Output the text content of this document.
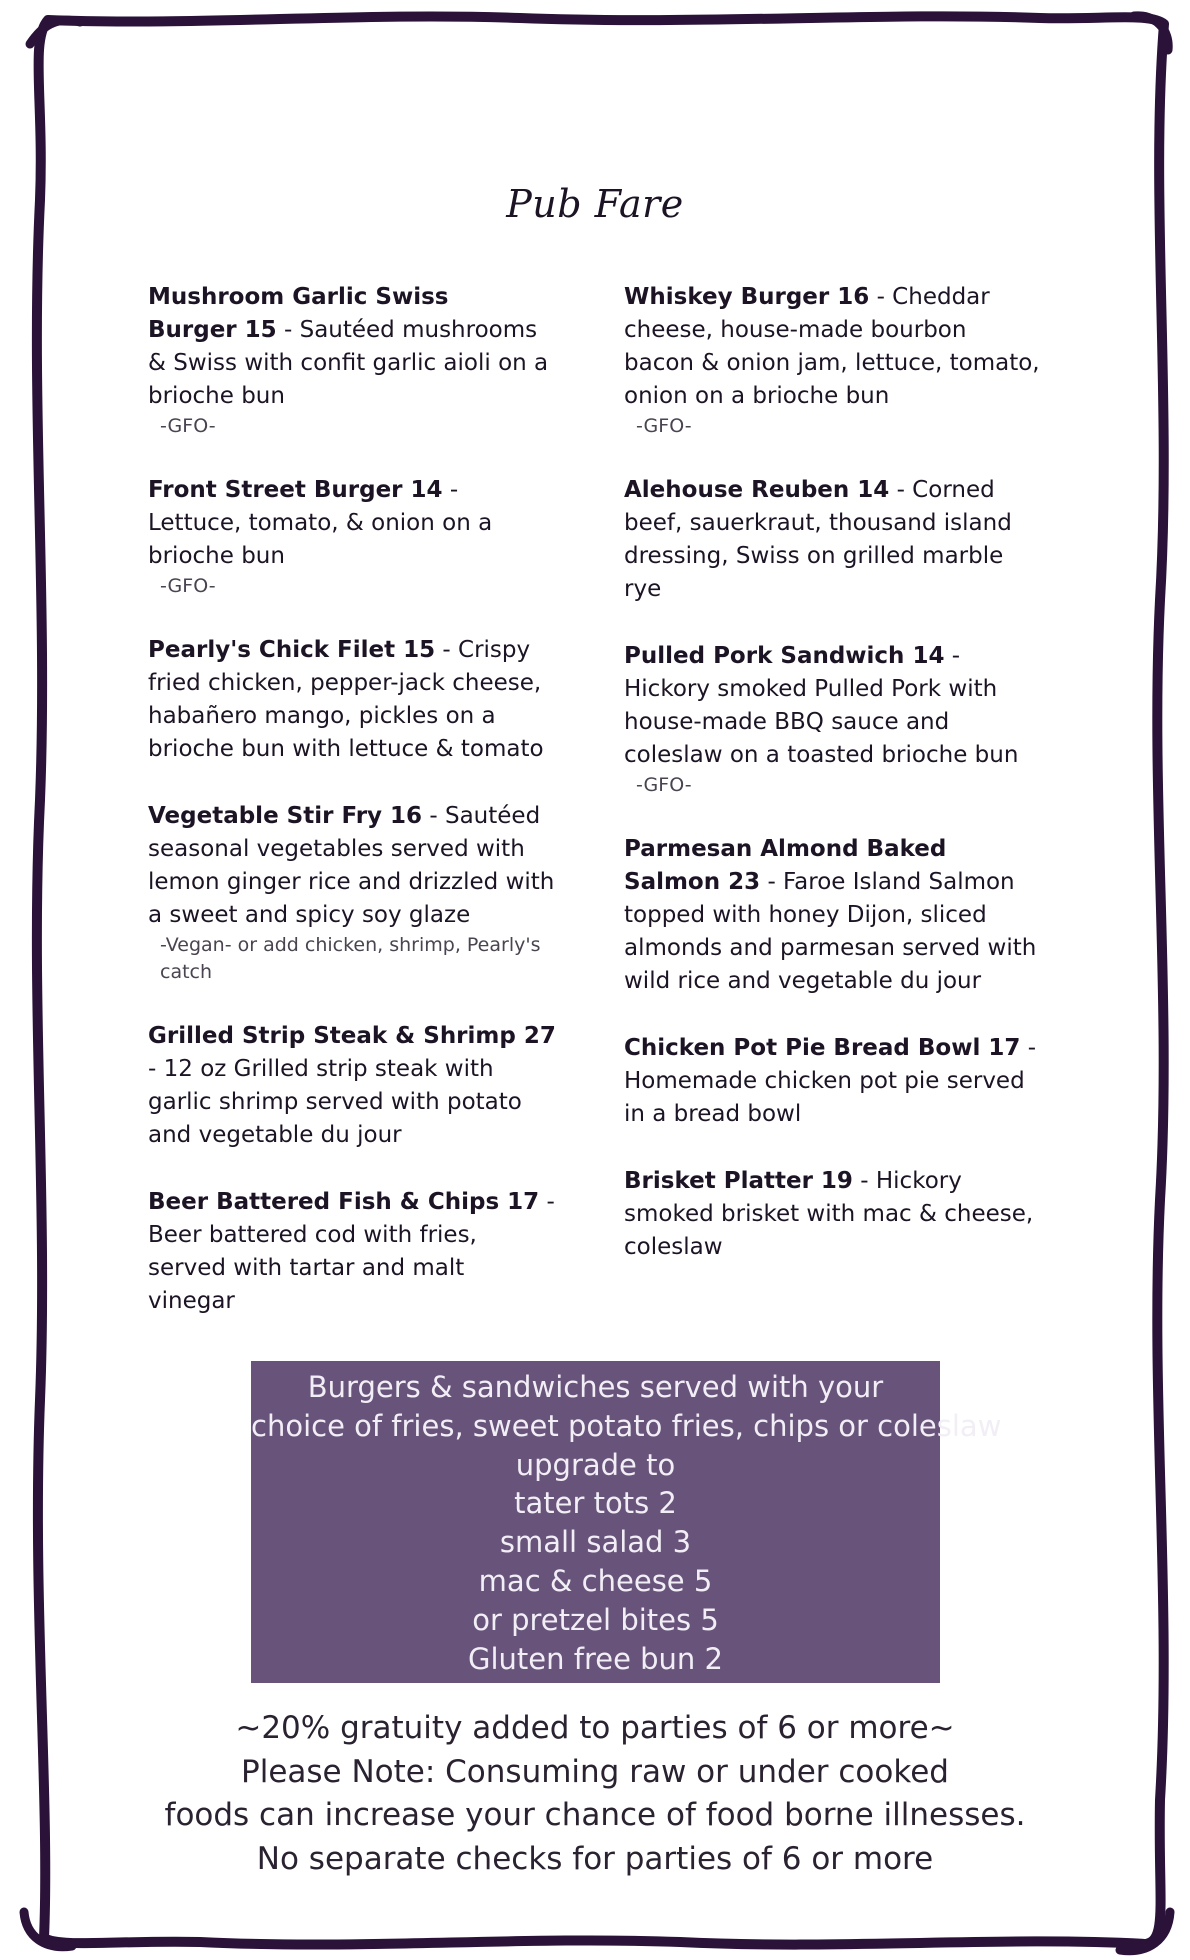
Pub Fare
Mushroom Garlic Swiss Burger 15 - Sautéed mushrooms & Swiss with confit garlic aioli on a brioche bun
-GFO-
Front Street Burger 14 - Lettuce, tomato, & onion on a brioche bun
-GFO-
Pearly's Chick Filet 15 - Crispy fried chicken, pepper-jack cheese, habañero mango, pickles on a brioche bun with lettuce & tomato
Vegetable Stir Fry 16 - Sautéed seasonal vegetables served with lemon ginger rice and drizzled with a sweet and spicy soy glaze
-Vegan- or add chicken, shrimp, Pearly's catch
Grilled Strip Steak & Shrimp 27 - 12 oz Grilled strip steak with garlic shrimp served with potato and vegetable du jour
Beer Battered Fish & Chips 17 - Beer battered cod with fries, served with tartar and malt vinegar
Whiskey Burger 16 - Cheddar cheese, house-made bourbon bacon & onion jam, lettuce, tomato, onion on a brioche bun
-GFO-
Alehouse Reuben 14 - Corned beef, sauerkraut, thousand island dressing, Swiss on grilled marble rye
Pulled Pork Sandwich 14 - Hickory smoked Pulled Pork with house-made BBQ sauce and coleslaw on a toasted brioche bun
-GFO-
Parmesan Almond Baked Salmon 23 - Faroe Island Salmon topped with honey Dijon, sliced almonds and parmesan served with wild rice and vegetable du jour
Chicken Pot Pie Bread Bowl 17 - Homemade chicken pot pie served in a bread bowl
Brisket Platter 19 - Hickory smoked brisket with mac & cheese, coleslaw
Burgers & sandwiches served with your
choice of fries, sweet potato fries, chips or coleslaw
upgrade to
tater tots 2
small salad 3
mac & cheese 5
or pretzel bites 5
Gluten free bun 2
~20% gratuity added to parties of 6 or more~
Please Note: Consuming raw or under cooked
foods can increase your chance of food borne illnesses.
No separate checks for parties of 6 or more
